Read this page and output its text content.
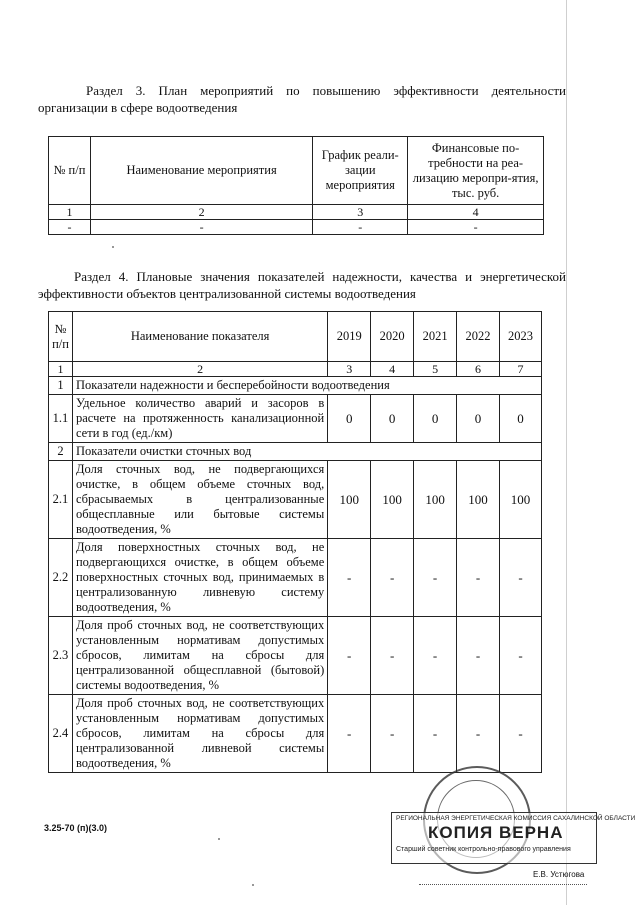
Раздел 3. План мероприятий по повышению эффективности деятельности организации в сфере водоотведения

№ п/п	Наименование мероприятия	График реали-зации мероприятия	Финансовые по-требности на реа-лизацию меропри-ятия, тыс. руб.
1	2	3	4
-	-	-	-

Раздел 4. Плановые значения показателей надежности, качества и энергетической эффективности объектов централизованной системы водоотведения

№ п/п	Наименование показателя	2019	2020	2021	2022	2023
1	2	3	4	5	6	7
1	Показатели надежности и бесперебойности водоотведения					
1.1	Удельное количество аварий и засоров в расчете на протяженность канализационной сети в год (ед./км)	0	0	0	0	0
2	Показатели очистки сточных вод					
2.1	Доля сточных вод, не подвергающихся очистке, в общем объеме сточных вод, сбрасываемых в централизованные общесплавные или бытовые системы водоотведения, %	100	100	100	100	100
2.2	Доля поверхностных сточных вод, не подвергающихся очистке, в общем объеме поверхностных сточных вод, принимаемых в централизованную ливневую систему водоотведения, %	-	-	-	-	-
2.3	Доля проб сточных вод, не соответствующих установленным нормативам допустимых сбросов, лимитам на сбросы для централизованной общесплавной (бытовой) системы водоотведения, %	-	-	-	-	-
2.4	Доля проб сточных вод, не соответствующих установленным нормативам допустимых сбросов, лимитам на сбросы для централизованной ливневой системы водоотведения, %	-	-	-	-	-
3.25-70 (п)(3.0)
РЕГИОНАЛЬНАЯ ЭНЕРГЕТИЧЕСКАЯ КОМИССИЯ САХАЛИНСКОЙ ОБЛАСТИ
КОПИЯ ВЕРНА
Старший советник контрольно-правового управления
Е.В. Устюгова
